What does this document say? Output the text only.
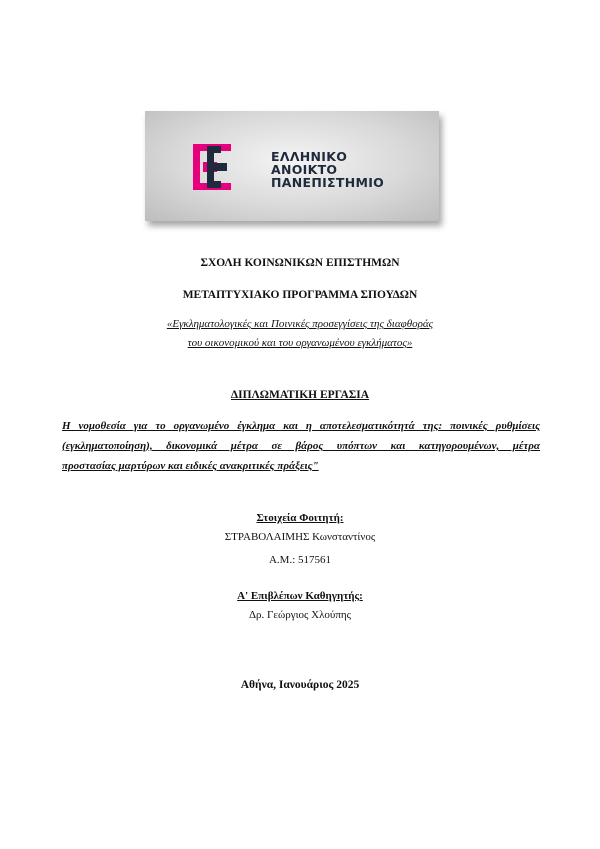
ΕΛΛΗΝΙΚΟ
ΑΝΟΙΚΤΟ
ΠΑΝΕΠΙΣΤΗΜΙΟ
ΣΧΟΛΗ ΚΟΙΝΩΝΙΚΩΝ ΕΠΙΣΤΗΜΩΝ
ΜΕΤΑΠΤΥΧΙΑΚΟ ΠΡΟΓΡΑΜΜΑ ΣΠΟΥΔΩΝ
«Εγκληματολογικές και Ποινικές προσεγγίσεις της διαφθοράς
του οικονομικού και του οργανωμένου εγκλήματος»
ΔΙΠΛΩΜΑΤΙΚΗ ΕΡΓΑΣΙΑ
Η νομοθεσία για το οργανωμένο έγκλημα και η αποτελεσματικότητά της: ποινικές ρυθμίσεις
(εγκληματοποίηση), δικονομικά μέτρα σε βάρος υπόπτων και κατηγορουμένων, μέτρα
προστασίας μαρτύρων και ειδικές ανακριτικές πράξεις"
Στοιχεία Φοιτητή:
ΣΤΡΑΒΟΛΑΙΜΗΣ Κωνσταντίνος
Α.Μ.: 517561
Α' Επιβλέπων Καθηγητής:
Δρ. Γεώργιος Χλούπης
Αθήνα, Ιανουάριος 2025
